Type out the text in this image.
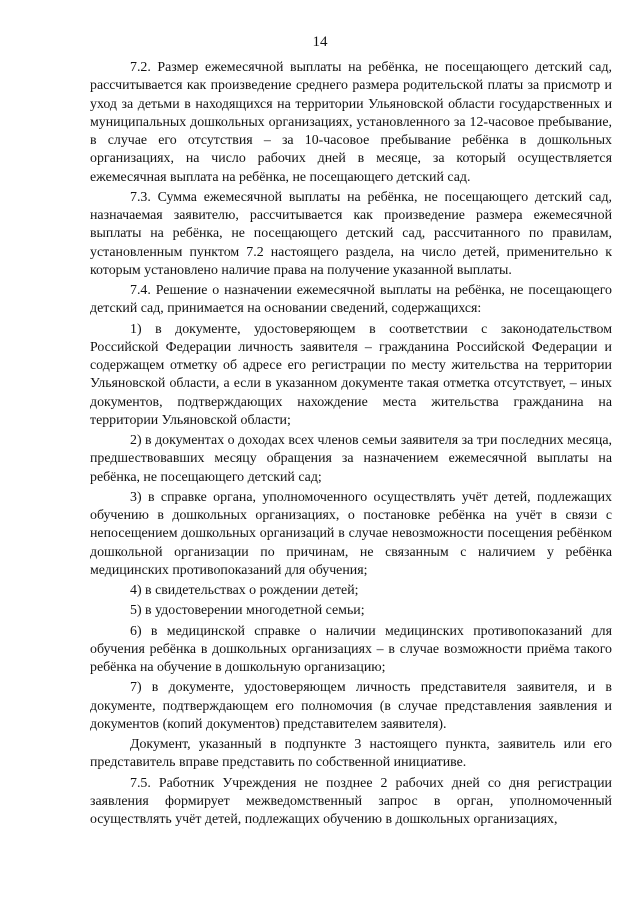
14

7.2. Размер ежемесячной выплаты на ребёнка, не посещающего детский сад, рассчитывается как произведение среднего размера родительской платы за присмотр и уход за детьми в находящихся на территории Ульяновской области государственных и муниципальных дошкольных организациях, установленного за 12-часовое пребывание, в случае его отсутствия – за 10-часовое пребывание ребёнка в дошкольных организациях, на число рабочих дней в месяце, за который осуществляется ежемесячная выплата на ребёнка, не посещающего детский сад.

7.3. Сумма ежемесячной выплаты на ребёнка, не посещающего детский сад, назначаемая заявителю, рассчитывается как произведение размера ежемесячной выплаты на ребёнка, не посещающего детский сад, рассчитанного по правилам, установленным пунктом 7.2 настоящего раздела, на число детей, применительно к которым установлено наличие права на получение указанной выплаты.

7.4. Решение о назначении ежемесячной выплаты на ребёнка, не посещающего детский сад, принимается на основании сведений, содержащихся:

1) в документе, удостоверяющем в соответствии с законодательством Российской Федерации личность заявителя – гражданина Российской Федерации и содержащем отметку об адресе его регистрации по месту жительства на территории Ульяновской области, а если в указанном документе такая отметка отсутствует, – иных документов, подтверждающих нахождение места жительства гражданина на территории Ульяновской области;

2) в документах о доходах всех членов семьи заявителя за три последних месяца, предшествовавших месяцу обращения за назначением ежемесячной выплаты на ребёнка, не посещающего детский сад;

3) в справке органа, уполномоченного осуществлять учёт детей, подлежащих обучению в дошкольных организациях, о постановке ребёнка на учёт в связи с непосещением дошкольных организаций в случае невозможности посещения ребёнком дошкольной организации по причинам, не связанным с наличием у ребёнка медицинских противопоказаний для обучения;

4) в свидетельствах о рождении детей;

5) в удостоверении многодетной семьи;

6) в медицинской справке о наличии медицинских противопоказаний для обучения ребёнка в дошкольных организациях – в случае возможности приёма такого ребёнка на обучение в дошкольную организацию;

7) в документе, удостоверяющем личность представителя заявителя, и в документе, подтверждающем его полномочия (в случае представления заявления и документов (копий документов) представителем заявителя).

Документ, указанный в подпункте 3 настоящего пункта, заявитель или его представитель вправе представить по собственной инициативе.

7.5. Работник Учреждения не позднее 2 рабочих дней со дня регистрации заявления формирует межведомственный запрос в орган, уполномоченный осуществлять учёт детей, подлежащих обучению в дошкольных организациях,
